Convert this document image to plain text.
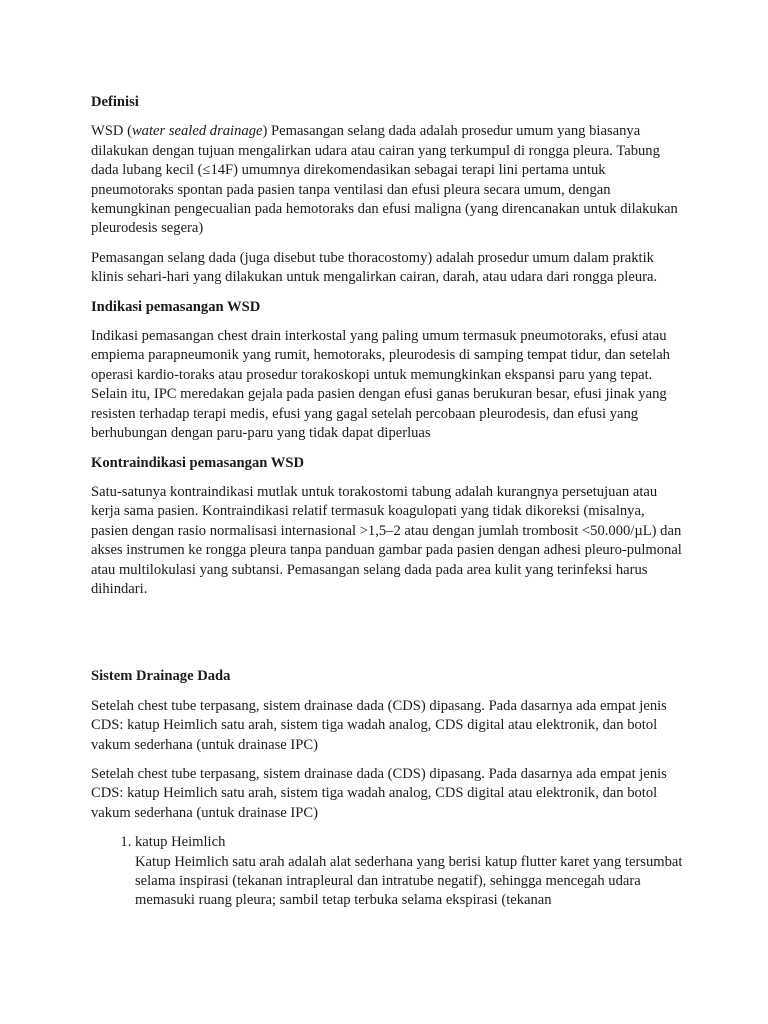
Definisi

WSD (water sealed drainage) Pemasangan selang dada adalah prosedur umum yang biasanya dilakukan dengan tujuan mengalirkan udara atau cairan yang terkumpul di rongga pleura. Tabung dada lubang kecil (≤14F) umumnya direkomendasikan sebagai terapi lini pertama untuk pneumotoraks spontan pada pasien tanpa ventilasi dan efusi pleura secara umum, dengan kemungkinan pengecualian pada hemotoraks dan efusi maligna (yang direncanakan untuk dilakukan pleurodesis segera)

Pemasangan selang dada (juga disebut tube thoracostomy) adalah prosedur umum dalam praktik klinis sehari-hari yang dilakukan untuk mengalirkan cairan, darah, atau udara dari rongga pleura.

Indikasi pemasangan WSD

Indikasi pemasangan chest drain interkostal yang paling umum termasuk pneumotoraks, efusi atau empiema parapneumonik yang rumit, hemotoraks, pleurodesis di samping tempat tidur, dan setelah operasi kardio-toraks atau prosedur torakoskopi untuk memungkinkan ekspansi paru yang tepat. Selain itu, IPC meredakan gejala pada pasien dengan efusi ganas berukuran besar, efusi jinak yang resisten terhadap terapi medis, efusi yang gagal setelah percobaan pleurodesis, dan efusi yang berhubungan dengan paru-paru yang tidak dapat diperluas

Kontraindikasi pemasangan WSD

Satu-satunya kontraindikasi mutlak untuk torakostomi tabung adalah kurangnya persetujuan atau kerja sama pasien. Kontraindikasi relatif termasuk koagulopati yang tidak dikoreksi (misalnya, pasien dengan rasio normalisasi internasional >1,5–2 atau dengan jumlah trombosit <50.000/µL) dan akses instrumen ke rongga pleura tanpa panduan gambar pada pasien dengan adhesi pleuro-pulmonal atau multilokulasi yang subtansi. Pemasangan selang dada pada area kulit yang terinfeksi harus dihindari.

Sistem Drainage Dada

Setelah chest tube terpasang, sistem drainase dada (CDS) dipasang. Pada dasarnya ada empat jenis CDS: katup Heimlich satu arah, sistem tiga wadah analog, CDS digital atau elektronik, dan botol vakum sederhana (untuk drainase IPC)

Setelah chest tube terpasang, sistem drainase dada (CDS) dipasang. Pada dasarnya ada empat jenis CDS: katup Heimlich satu arah, sistem tiga wadah analog, CDS digital atau elektronik, dan botol vakum sederhana (untuk drainase IPC)

1. katup Heimlich
Katup Heimlich satu arah adalah alat sederhana yang berisi katup flutter karet yang tersumbat selama inspirasi (tekanan intrapleural dan intratube negatif), sehingga mencegah udara memasuki ruang pleura; sambil tetap terbuka selama ekspirasi (tekanan
